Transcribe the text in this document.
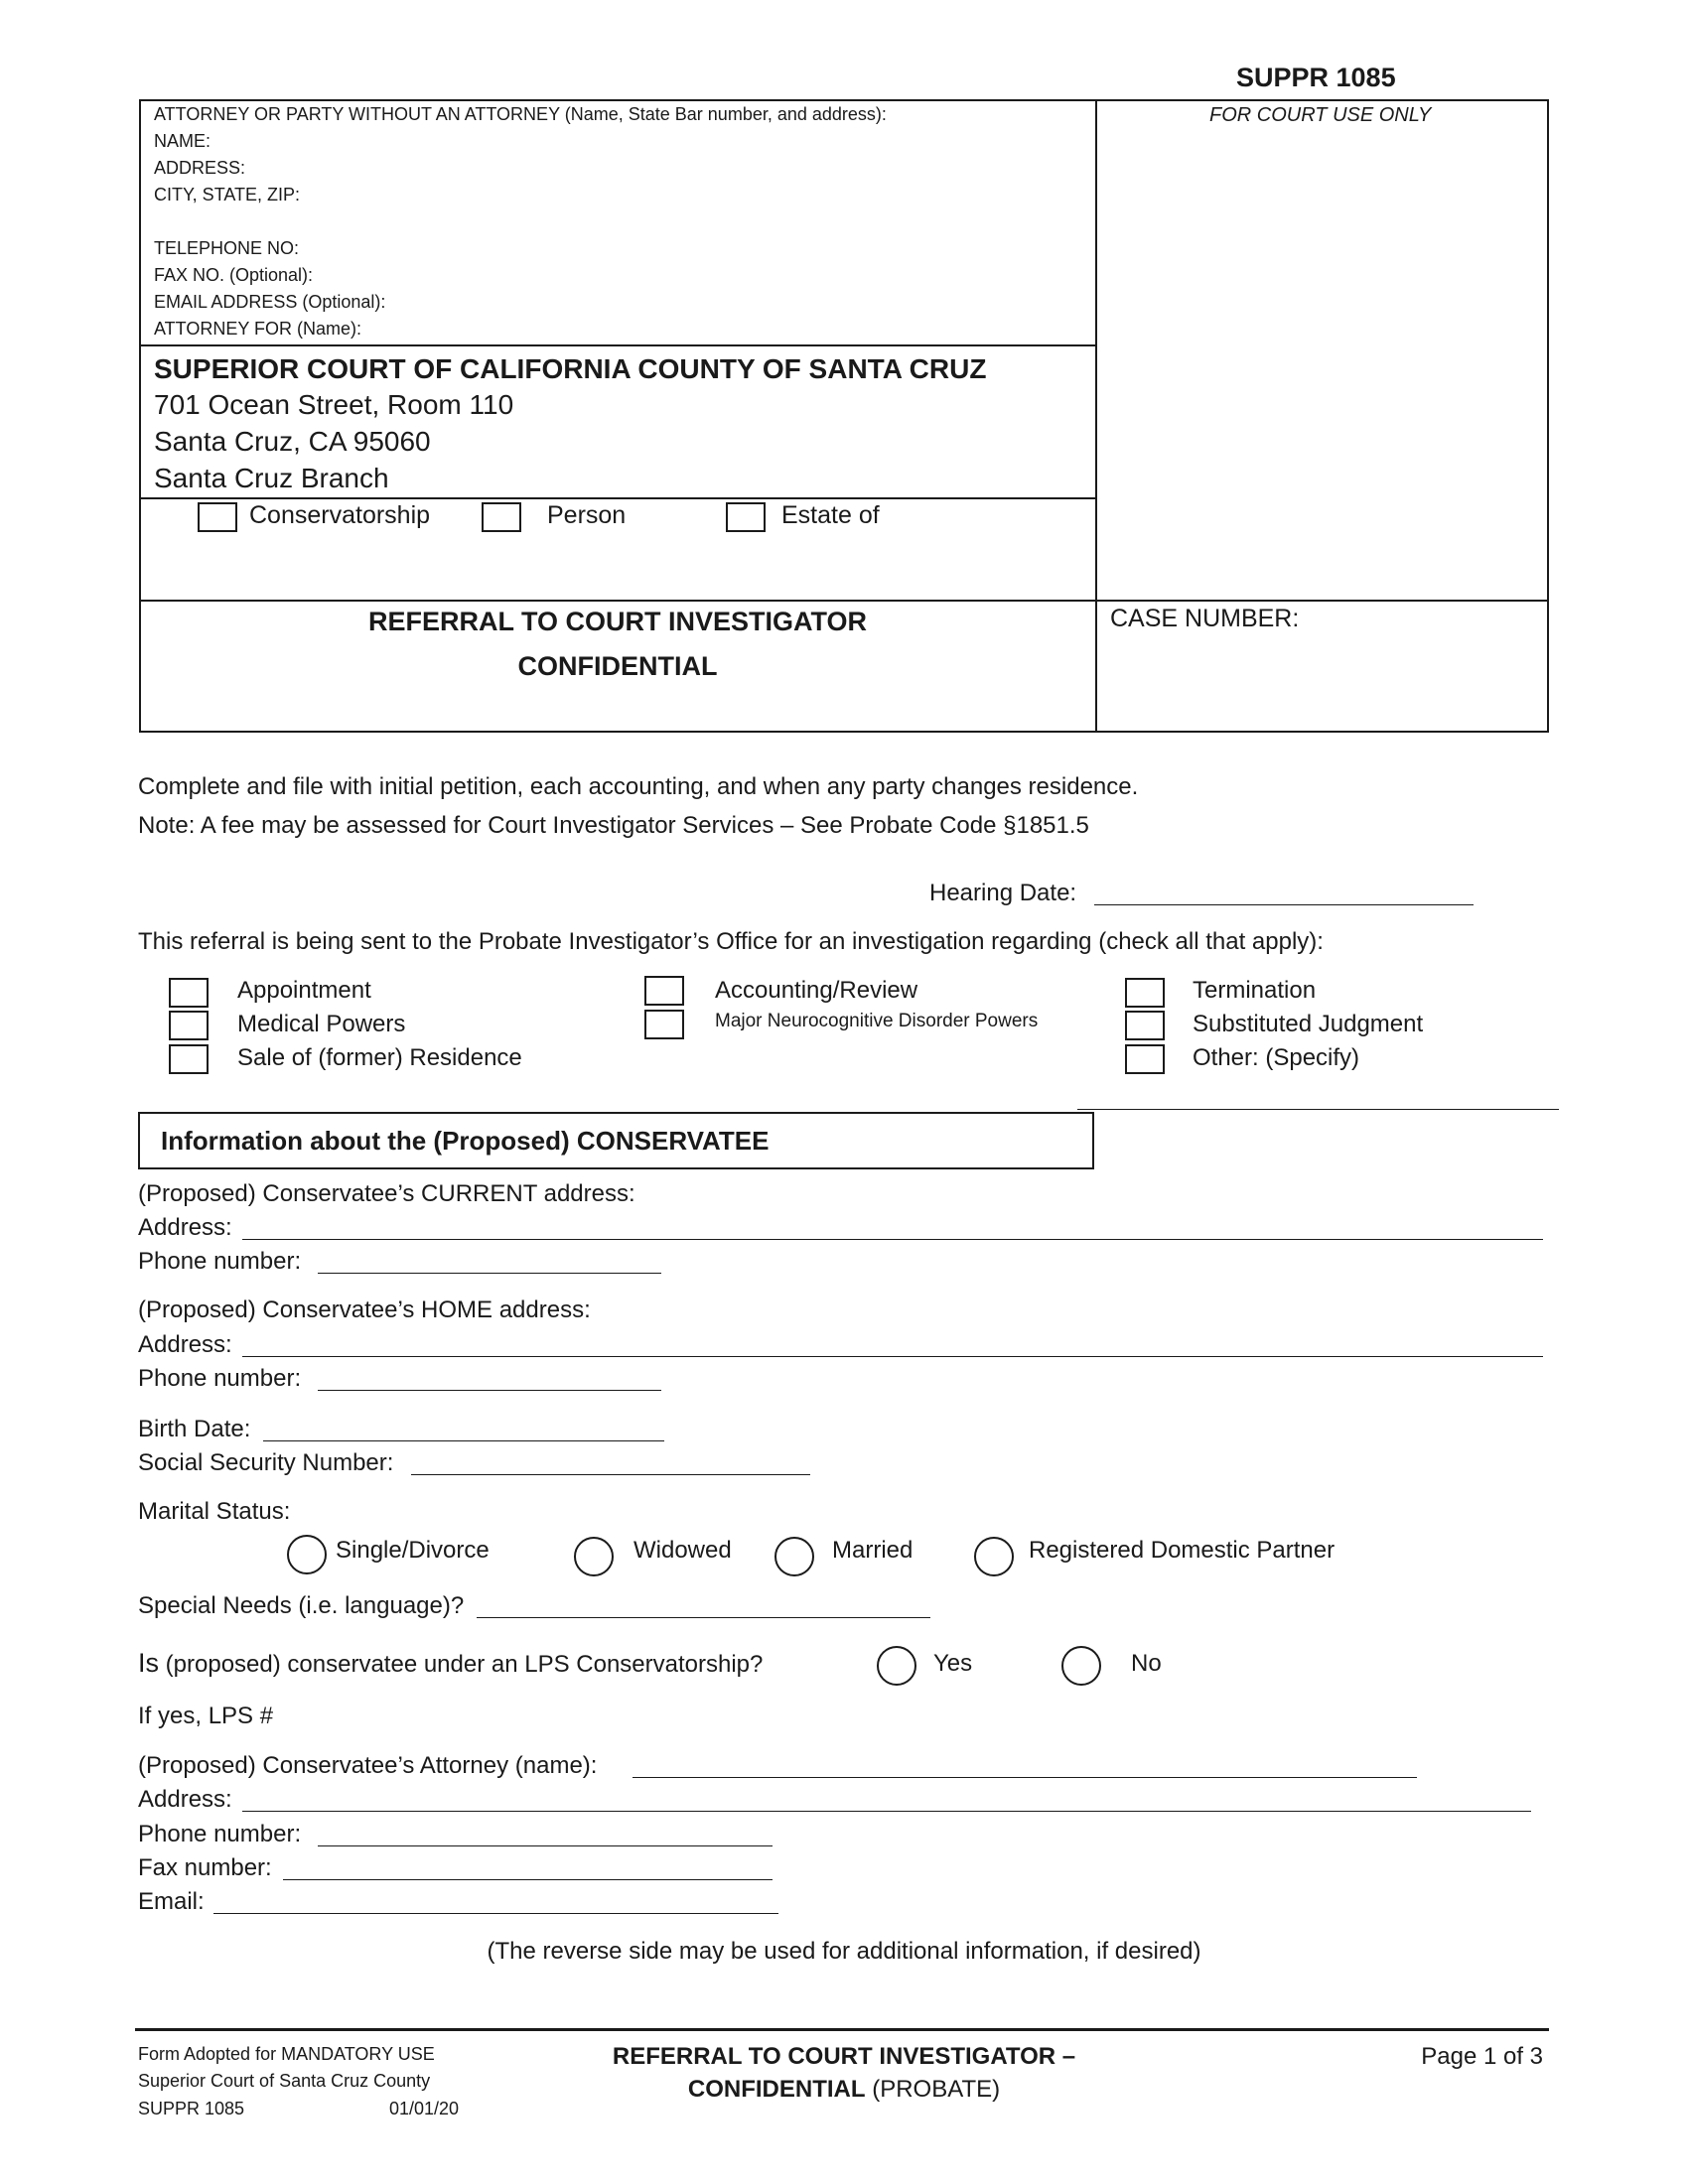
SUPPR 1085
FOR COURT USE ONLY
ATTORNEY OR PARTY WITHOUT AN ATTORNEY (Name, State Bar number, and address):
NAME:
ADDRESS:
CITY, STATE, ZIP:
TELEPHONE NO:
FAX NO. (Optional):
EMAIL ADDRESS (Optional):
ATTORNEY FOR (Name):
SUPERIOR COURT OF CALIFORNIA COUNTY OF SANTA CRUZ
701 Ocean Street, Room 110
Santa Cruz, CA 95060
Santa Cruz Branch
Conservatorship	Person	Estate of
REFERRAL TO COURT INVESTIGATOR
CONFIDENTIAL
CASE NUMBER:
Complete and file with initial petition, each accounting, and when any party changes residence.
Note: A fee may be assessed for Court Investigator Services – See Probate Code §1851.5
Hearing Date:
This referral is being sent to the Probate Investigator’s Office for an investigation regarding (check all that apply):
Appointment
Medical Powers
Sale of (former) Residence
Accounting/Review
Major Neurocognitive Disorder Powers
Termination
Substituted Judgment
Other: (Specify)
Information about the (Proposed) CONSERVATEE
(Proposed) Conservatee’s CURRENT address:
Address:
Phone number:
(Proposed) Conservatee’s HOME address:
Address:
Phone number:
Birth Date:
Social Security Number:
Marital Status:
Single/Divorce	Widowed	Married	Registered Domestic Partner
Special Needs (i.e. language)?
Is (proposed) conservatee under an LPS Conservatorship?	Yes	No
If yes, LPS #
(Proposed) Conservatee’s Attorney (name):
Address:
Phone number:
Fax number:
Email:
(The reverse side may be used for additional information, if desired)
Form Adopted for MANDATORY USE
Superior Court of Santa Cruz County
SUPPR 1085	01/01/20
REFERRAL TO COURT INVESTIGATOR –
CONFIDENTIAL (PROBATE)
Page 1 of 3
